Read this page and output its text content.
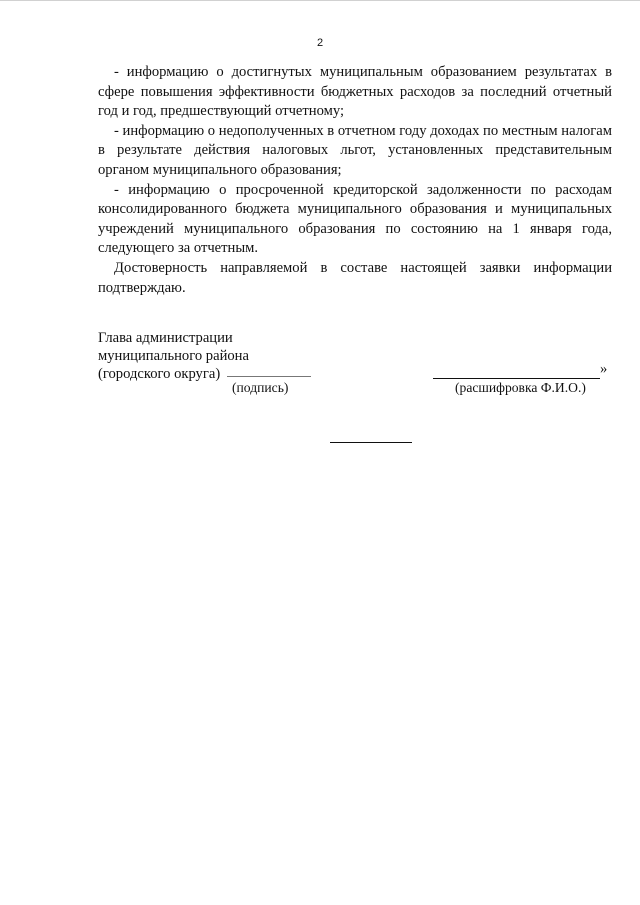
2

- информацию о достигнутых муниципальным образованием результатах в сфере повышения эффективности бюджетных расходов за последний отчетный год и год, предшествующий отчетному;

- информацию о недополученных в отчетном году доходах по местным налогам в результате действия налоговых льгот, установленных представительным органом муниципального образования;

- информацию о просроченной кредиторской задолженности по расходам консолидированного бюджета муниципального образования и муниципальных учреждений муниципального образования по состоянию на 1 января года, следующего за отчетным.

Достоверность направляемой в составе настоящей заявки информации подтверждаю.

Глава администрации
муниципального района
(городского округа)	»
(подпись)	(расшифровка Ф.И.О.)
